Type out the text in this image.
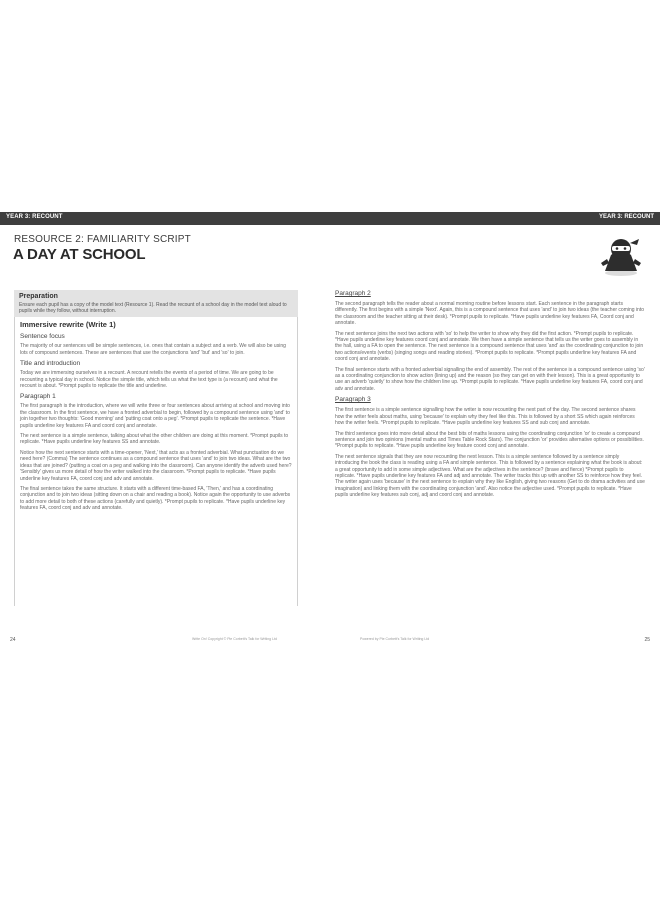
YEAR 3: RECOUNT	YEAR 3: RECOUNT
RESOURCE 2: FAMILIARITY SCRIPT
A DAY AT SCHOOL
Preparation
Ensure each pupil has a copy of the model text (Resource 1). Read the recount of a school day in the model text aloud to pupils while they follow, without interruption.
Immersive rewrite (Write 1)
Sentence focus

The majority of our sentences will be simple sentences, i.e. ones that contain a subject and a verb. We will also be using lots of compound sentences. These are sentences that use the conjunctions 'and' 'but' and 'so' to join.

Title and introduction

Today we are immersing ourselves in a recount. A recount retells the events of a period of time. We are going to be recounting a typical day in school. Notice the simple title, which tells us what the text type is (a recount) and what the recount is about. *Prompt pupils to replicate the title and underline.

Paragraph 1

The first paragraph is the introduction, where we will write three or four sentences about arriving at school and moving into the classroom. In the first sentence, we have a fronted adverbial to begin, followed by a compound sentence using 'and' to join together two thoughts: 'Good morning' and 'putting coat onto a peg'. *Prompt pupils to replicate the sentence. *Have pupils underline key features FA and coord conj and annotate.

The next sentence is a simple sentence, talking about what the other children are doing at this moment. *Prompt pupils to replicate. *Have pupils underline key features SS and annotate.

Notice how the next sentence starts with a time-opener, 'Next,' that acts as a fronted adverbial. What punctuation do we need here? (Comma) The sentence continues as a compound sentence that uses 'and' to join two ideas. What are the two ideas that are joined? (putting a coat on a peg and walking into the classroom). Can anyone identify the adverb used here? 'Sensibly' gives us more detail of how the writer walked into the classroom. *Prompt pupils to replicate. *Have pupils underline key features FA, coord conj and adv and annotate.

The final sentence takes the same structure. It starts with a different time-based FA, 'Then,' and has a coordinating conjunction and to join two ideas (sitting down on a chair and reading a book). Notice again the opportunity to use adverbs to add more detail to both of these actions (carefully and quietly). *Prompt pupils to replicate. *Have pupils underline key features FA, coord conj and adv and annotate.

Paragraph 2

The second paragraph tells the reader about a normal morning routine before lessons start. Each sentence in the paragraph starts differently. The first begins with a simple 'Next'. Again, this is a compound sentence that uses 'and' to join two ideas (the teacher coming into the classroom and the teacher sitting at their desk). *Prompt pupils to replicate. *Have pupils underline key features FA, Coord conj and annotate.

The next sentence joins the next two actions with 'so' to help the writer to show why they did the first action. *Prompt pupils to replicate. *Have pupils underline key features coord conj and annotate. We then have a simple sentence that tells us the writer goes to assembly in the hall, using a FA to open the sentence. The next sentence is a compound sentence that uses 'and' as the coordinating conjunction to join two actions/events (verbs) (singing songs and reading stories). *Prompt pupils to replicate. *Prompt pupils underline key features FA and coord conj and annotate.

The final sentence starts with a fronted adverbial signalling the end of assembly. The rest of the sentence is a compound sentence using 'so' as a coordinating conjunction to show action (lining up) and the reason (so they can get on with their lesson). This is a great opportunity to use an adverb 'quietly' to show how the children line up. *Prompt pupils to replicate. *Have pupils underline key features FA, coord conj and adv and annotate.

Paragraph 3

The first sentence is a simple sentence signalling how the writer is now recounting the next part of the day. The second sentence shares how the writer feels about maths, using 'because' to explain why they feel like this. This is followed by a short SS which again reinforces how the writer feels. *Prompt pupils to replicate. *Have pupils underline key features SS and sub conj and annotate.

The third sentence goes into more detail about the best bits of maths lessons using the coordinating conjunction 'or' to create a compound sentence and join two opinions (mental maths and Times Table Rock Stars). The conjunction 'or' provides alternative options or possibilities. *Prompt pupils to replicate. *Have pupils underline key feature coord conj and annotate.

The next sentence signals that they are now recounting the next lesson. This is a simple sentence followed by a sentence simply introducing the book the class is reading using a FA and simple sentence. This is followed by a sentence explaining what the book is about: a great opportunity to add in some simple adjectives. What are the adjectives in the sentence? (brave and fierce) *Prompt pupils to replicate. *Have pupils underline key features FA and adj and annotate. The writer tracks this up with another SS to reinforce how they feel. The writer again uses 'because' in the next sentence to explain why they like English, giving two reasons (Get to do drama activities and use imagination) and linking them with the coordinating conjunction 'and'. Also notice the adjective used. *Prompt pupils to replicate. *Have pupils underline key features sub conj, adj and coord conj and annotate.

24	Write On! Copyright © Pie Corbett's Talk for Writing Ltd	Powered by Pie Corbett's Talk for Writing Ltd	25
